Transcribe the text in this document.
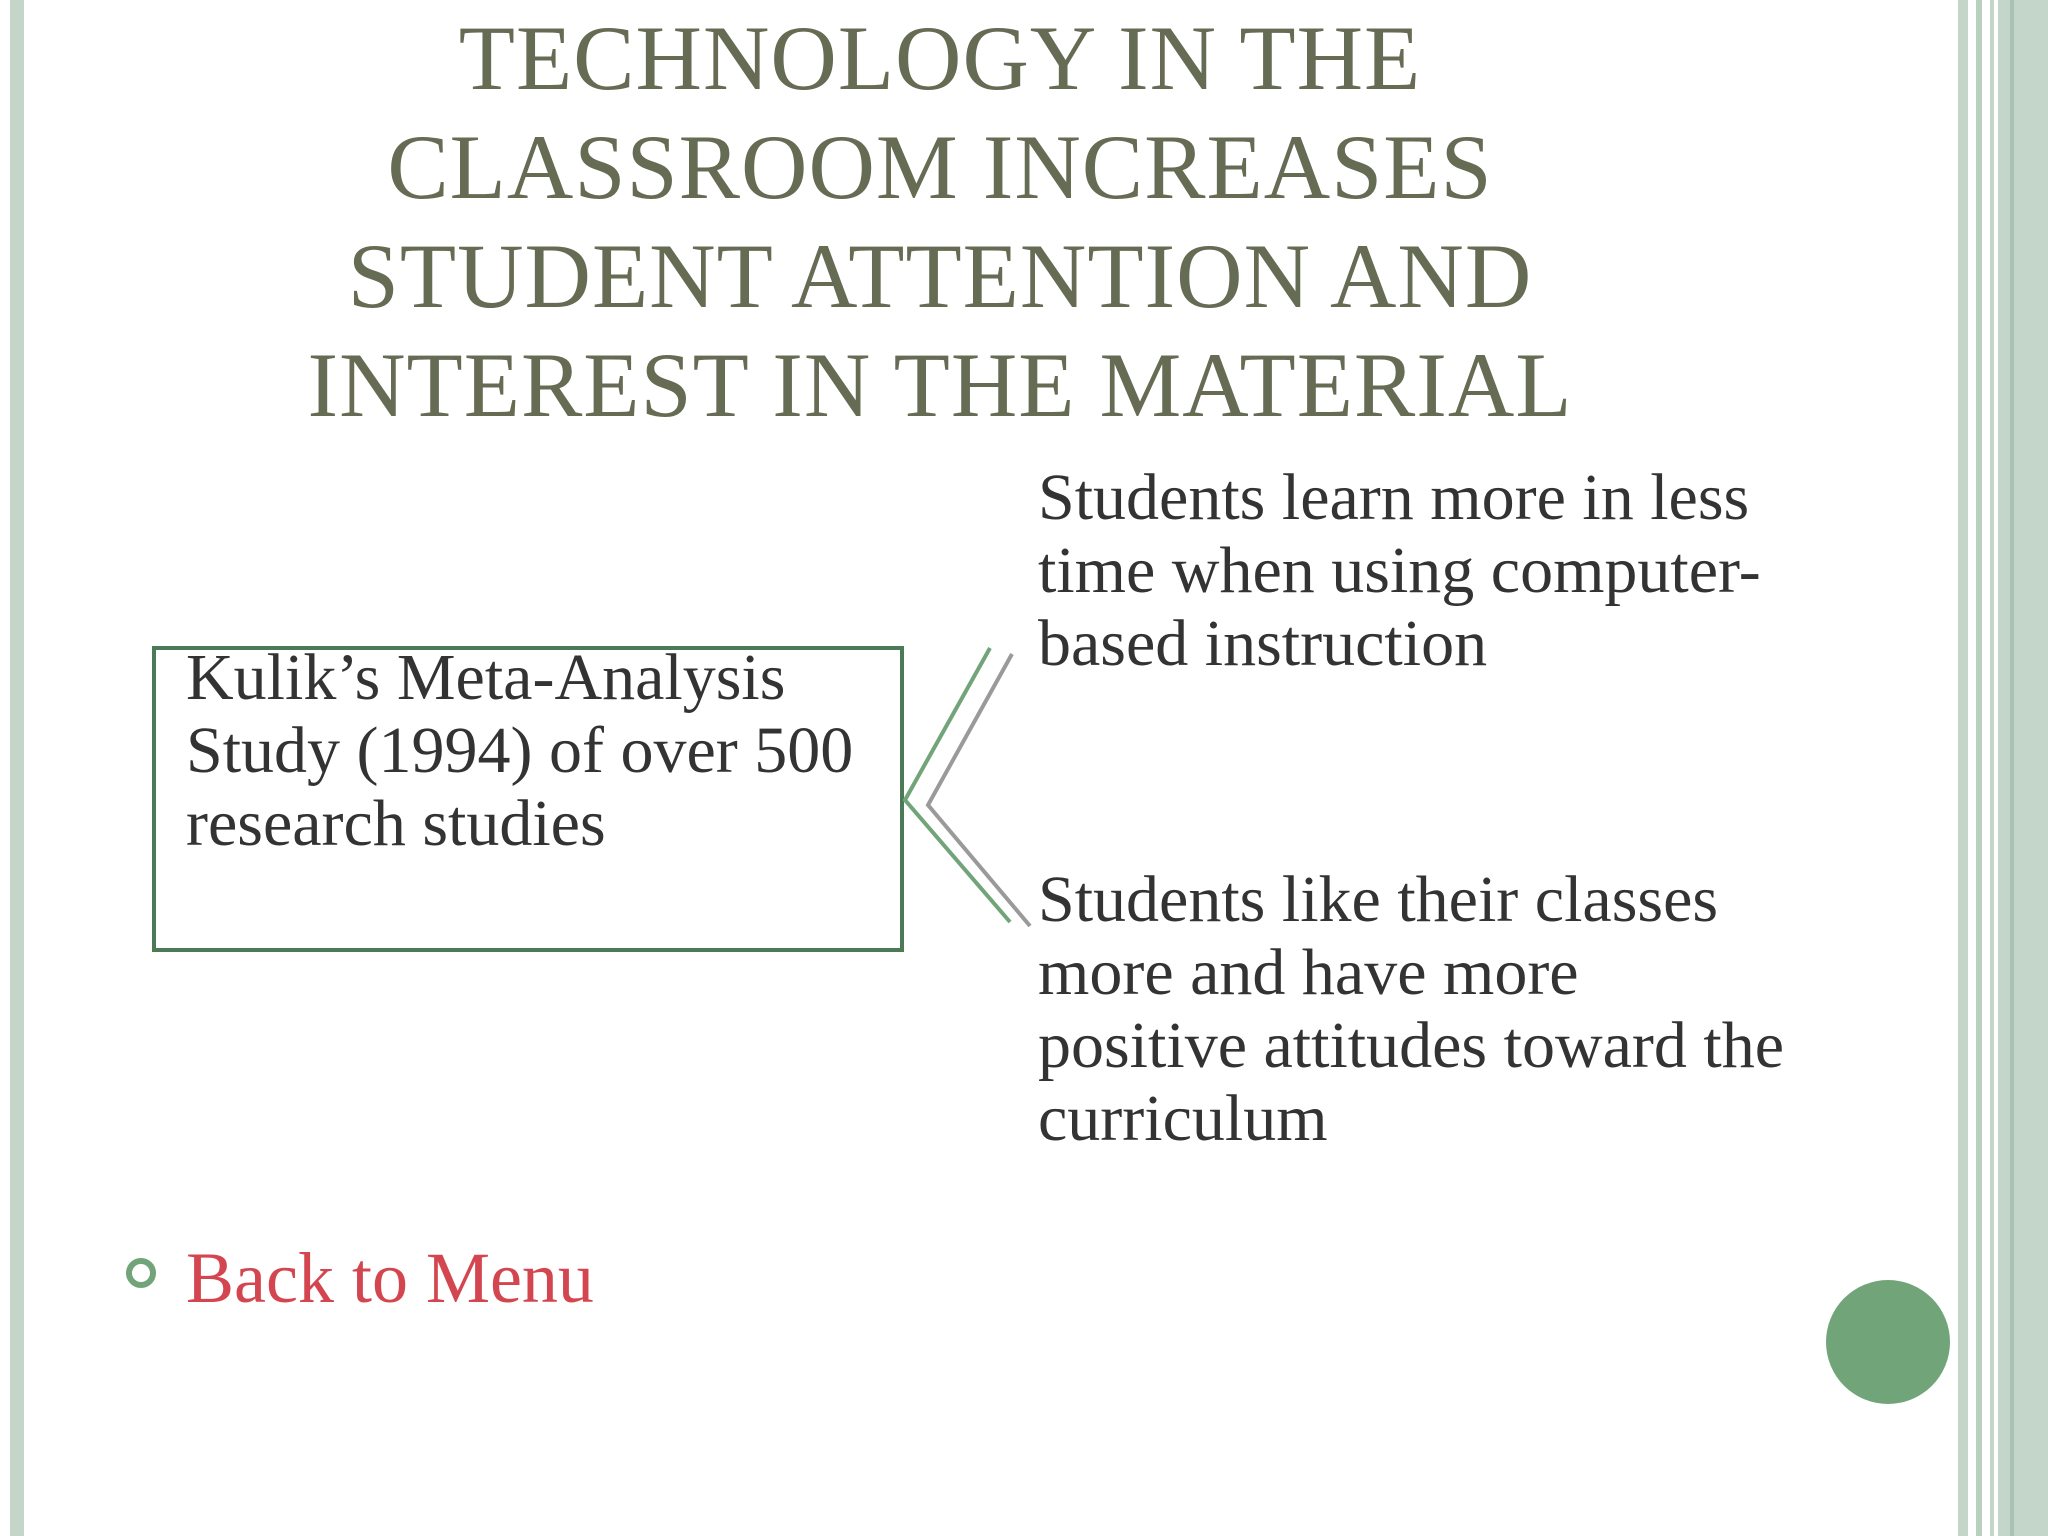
TECHNOLOGY IN THE CLASSROOM INCREASES STUDENT ATTENTION AND INTEREST IN THE MATERIAL
Kulik’s Meta-Analysis Study (1994) of over 500 research studies
Students learn more in less time when using computer-based instruction
Students like their classes more and have more positive attitudes toward the curriculum
Back to Menu
